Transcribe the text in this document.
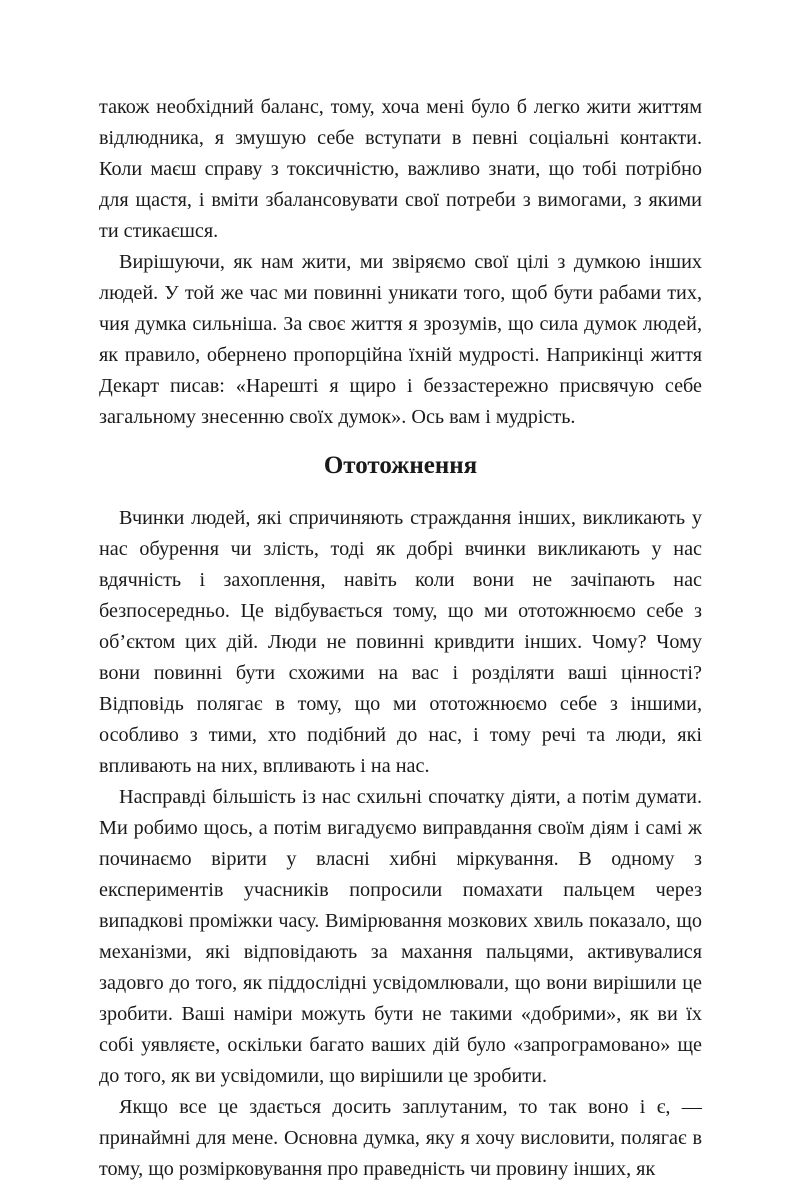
також необхідний баланс, тому, хоча мені було б легко жити життям відлюдника, я змушую себе вступати в певні соціальні контакти. Коли маєш справу з токсичністю, важливо знати, що тобі потрібно для щастя, і вміти збалансовувати свої потреби з вимогами, з якими ти стикаєшся.

Вирішуючи, як нам жити, ми звіряємо свої цілі з думкою інших людей. У той же час ми повинні уникати того, щоб бути рабами тих, чия думка сильніша. За своє життя я зрозумів, що сила думок людей, як правило, обернено пропорційна їхній мудрості. Наприкінці життя Декарт писав: «Нарешті я щиро і беззастережно присвячую себе загальному знесенню своїх думок». Ось вам і мудрість.

Ототожнення

Вчинки людей, які спричиняють страждання інших, викликають у нас обурення чи злість, тоді як добрі вчинки викликають у нас вдячність і захоплення, навіть коли вони не зачіпають нас безпосередньо. Це відбувається тому, що ми ототожнюємо себе з об’єктом цих дій. Люди не повинні кривдити інших. Чому? Чому вони повинні бути схожими на вас і розділяти ваші цінності? Відповідь полягає в тому, що ми ототожнюємо себе з іншими, особливо з тими, хто подібний до нас, і тому речі та люди, які впливають на них, впливають і на нас.

Насправді більшість із нас схильні спочатку діяти, а потім думати. Ми робимо щось, а потім вигадуємо виправдання своїм діям і самі ж починаємо вірити у власні хибні міркування. В одному з експериментів учасників попросили помахати пальцем через випадкові проміжки часу. Вимірювання мозкових хвиль показало, що механізми, які відповідають за махання пальцями, активувалися задовго до того, як піддослідні усвідомлювали, що вони вирішили це зробити. Ваші наміри можуть бути не такими «добрими», як ви їх собі уявляєте, оскільки багато ваших дій було «запрограмовано» ще до того, як ви усвідомили, що вирішили це зробити.

Якщо все це здається досить заплутаним, то так воно і є, — принаймні для мене. Основна думка, яку я хочу висловити, полягає в тому, що розмірковування про праведність чи провину інших, як
